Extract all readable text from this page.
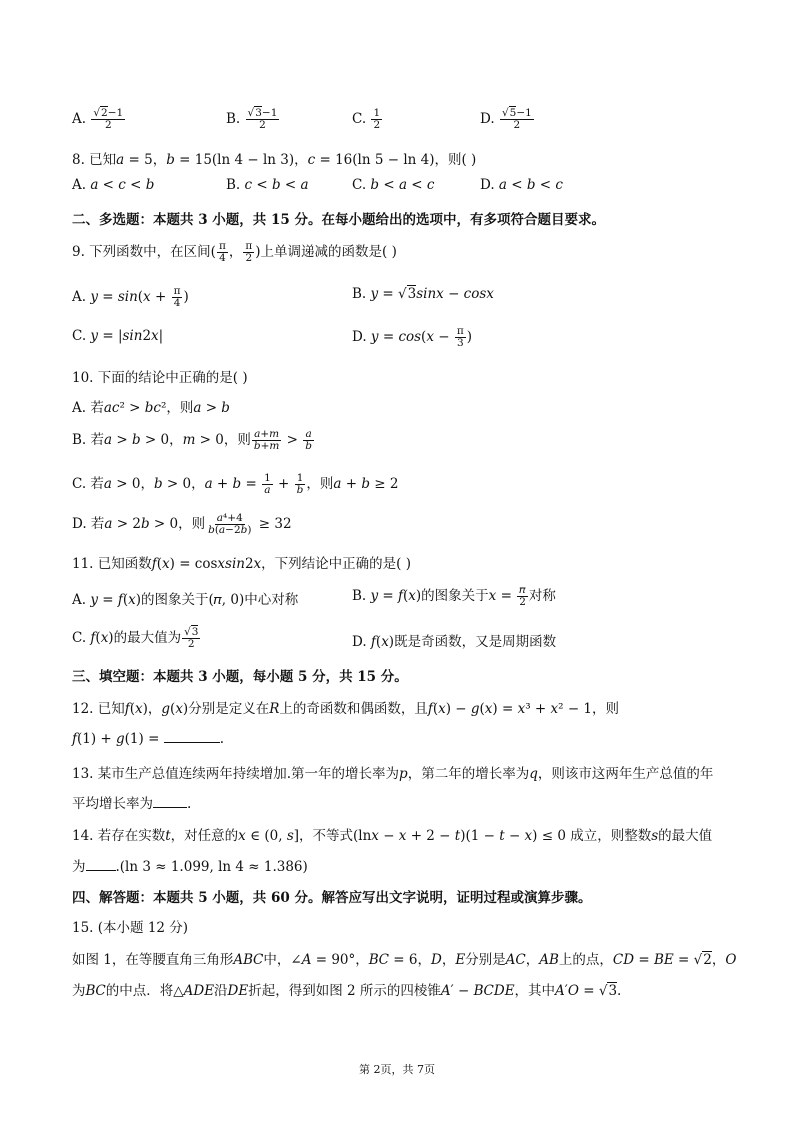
A. $\frac{√2-1}{2}$	B. $\frac{√3-1}{2}$	C. $\frac{1}{2}$	D. $\frac{√5-1}{2}$
8. 已知𝑎 = 5，𝑏 = 15(ln 4 − ln 3)，𝑐 = 16(ln 5 − ln 4)，则( )
A. 𝑎 < 𝑐 < 𝑏	B. 𝑐 < 𝑏 < 𝑎	C. 𝑏 < 𝑎 < 𝑐	D. 𝑎 < 𝑏 < 𝑐
二、多选题：本题共 3 小题，共 15 分。在每小题给出的选项中，有多项符合题目要求。
9. 下列函数中，在区间( $\frac{\pi}{4}$ ， $\frac{\pi}{2}$ )上单调递减的函数是( )
A. 𝑦 = 𝑠𝑖𝑛(𝑥 + $\frac{\pi}{4}$ )	B. 𝑦 = √3𝑠𝑖𝑛𝑥 − 𝑐𝑜𝑠𝑥
C. 𝑦 = |𝑠𝑖𝑛2𝑥|	D. 𝑦 = 𝑐𝑜𝑠(𝑥 − $\frac{\pi}{3}$ )
10. 下面的结论中正确的是( )
A. 若𝑎𝑐² > 𝑏𝑐²，则𝑎 > 𝑏
B. 若𝑎 > 𝑏 > 0，𝑚 > 0，则 $\frac{\text{𝑎+𝑚}}{\text{𝑏+𝑚}} > \frac{\text{𝑎}}{\text{𝑏}}$
C. 若𝑎 > 0，𝑏 > 0，𝑎 + 𝑏 = $\frac{1}{\text{𝑎}} + \frac{1}{\text{𝑏}}$ ，则𝑎 + 𝑏 ≥ 2
D. 若𝑎 > 2𝑏 > 0，则 $\frac{\text{𝑎⁴+4}}{\text{𝑏(𝑎−2𝑏)}} \ge 32$
11. 已知函数𝑓(𝑥) = cos𝑥𝑠𝑖𝑛2𝑥，下列结论中正确的是( )
A. 𝑦 = 𝑓(𝑥)的图象关于(𝜋, 0)中心对称	B. 𝑦 = 𝑓(𝑥)的图象关于𝑥 = $\frac{\text{𝜋}}{2}$ 对称
C. 𝑓(𝑥)的最大值为 $\frac{√3}{2}$	D. 𝑓(𝑥)既是奇函数，又是周期函数
三、填空题：本题共 3 小题，每小题 5 分，共 15 分。
12. 已知𝑓(𝑥)，𝑔(𝑥)分别是定义在𝑅上的奇函数和偶函数，且𝑓(𝑥) − 𝑔(𝑥) = 𝑥³ + 𝑥² − 1，则
𝑓(1) + 𝑔(1) =	.
13. 某市生产总值连续两年持续增加.第一年的增长率为𝑝，第二年的增长率为𝑞，则该市这两年生产总值的年
平均增长率为	.
14. 若存在实数𝑡，对任意的𝑥 ∈ (0, 𝑠]，不等式(ln𝑥 − 𝑥 + 2 − 𝑡)(1 − 𝑡 − 𝑥) ≤ 0 成立，则整数𝑠的最大值
为 .(ln 3 ≈ 1.099, ln 4 ≈ 1.386)
四、解答题：本题共 5 小题，共 60 分。解答应写出文字说明，证明过程或演算步骤。
15. (本小题 12 分)
如图 1，在等腰直角三角形𝐴𝐵𝐶中，∠𝐴 = 90°，𝐵𝐶 = 6，𝐷，𝐸分别是𝐴𝐶，𝐴𝐵上的点，𝐶𝐷 = 𝐵𝐸 = √2，𝑂
为𝐵𝐶的中点．将△𝐴𝐷𝐸沿𝐷𝐸折起，得到如图 2 所示的四棱锥𝐴′ − 𝐵𝐶𝐷𝐸，其中𝐴′𝑂 = √3.
第 2页，共 7页
